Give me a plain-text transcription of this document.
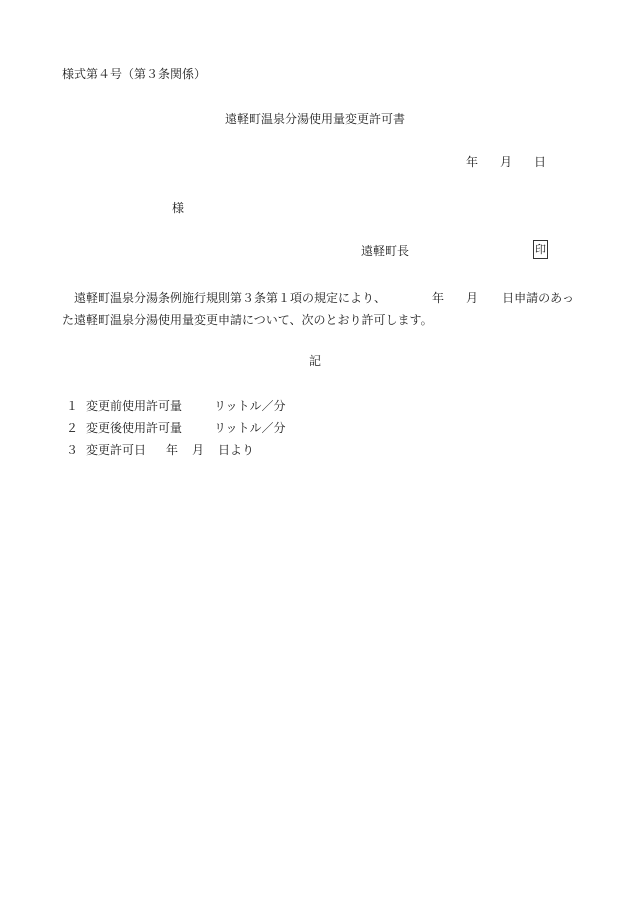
様式第４号（第３条関係）
遠軽町温泉分湯使用量変更許可書
年 月 日
様
遠軽町長	印
　遠軽町温泉分湯条例施行規則第３条第１項の規定により、	年 月 日申請のあっ
た遠軽町温泉分湯使用量変更申請について、次のとおり許可します。
記
１ 変更前使用許可量	リットル／分
２ 変更後使用許可量	リットル／分
３ 変更許可日	年 月 日より
